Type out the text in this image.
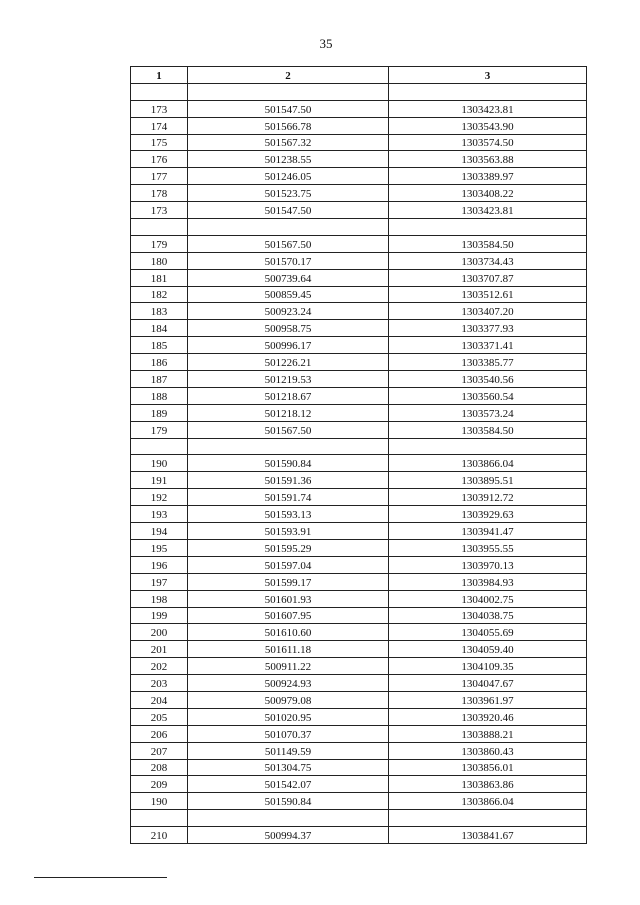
35
1	2	3

173	501547.50	1303423.81
174	501566.78	1303543.90
175	501567.32	1303574.50
176	501238.55	1303563.88
177	501246.05	1303389.97
178	501523.75	1303408.22
173	501547.50	1303423.81

179	501567.50	1303584.50
180	501570.17	1303734.43
181	500739.64	1303707.87
182	500859.45	1303512.61
183	500923.24	1303407.20
184	500958.75	1303377.93
185	500996.17	1303371.41
186	501226.21	1303385.77
187	501219.53	1303540.56
188	501218.67	1303560.54
189	501218.12	1303573.24
179	501567.50	1303584.50

190	501590.84	1303866.04
191	501591.36	1303895.51
192	501591.74	1303912.72
193	501593.13	1303929.63
194	501593.91	1303941.47
195	501595.29	1303955.55
196	501597.04	1303970.13
197	501599.17	1303984.93
198	501601.93	1304002.75
199	501607.95	1304038.75
200	501610.60	1304055.69
201	501611.18	1304059.40
202	500911.22	1304109.35
203	500924.93	1304047.67
204	500979.08	1303961.97
205	501020.95	1303920.46
206	501070.37	1303888.21
207	501149.59	1303860.43
208	501304.75	1303856.01
209	501542.07	1303863.86
190	501590.84	1303866.04

210	500994.37	1303841.67
